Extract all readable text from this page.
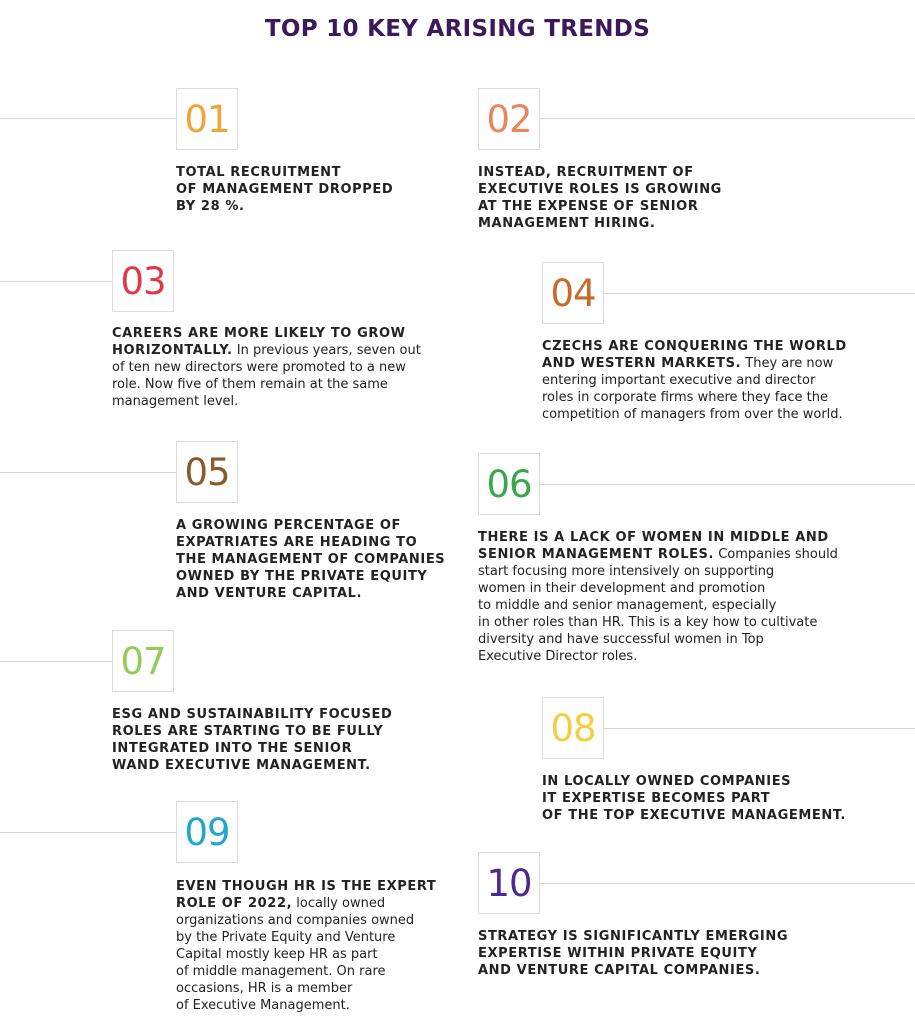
TOP 10 KEY ARISING TRENDS
01	02
03	04
05	06
07
08
09
10
TOTAL RECRUITMENT
OF MANAGEMENT DROPPED
BY 28 %.
INSTEAD, RECRUITMENT OF
EXECUTIVE ROLES IS GROWING
AT THE EXPENSE OF SENIOR
MANAGEMENT HIRING.
CAREERS ARE MORE LIKELY TO GROW
HORIZONTALLY. In previous years, seven out
of ten new directors were promoted to a new
role. Now five of them remain at the same
management level.
CZECHS ARE CONQUERING THE WORLD
AND WESTERN MARKETS. They are now
entering important executive and director
roles in corporate firms where they face the
competition of managers from over the world.
A GROWING PERCENTAGE OF
EXPATRIATES ARE HEADING TO
THE MANAGEMENT OF COMPANIES
OWNED BY THE PRIVATE EQUITY
AND VENTURE CAPITAL.
THERE IS A LACK OF WOMEN IN MIDDLE AND
SENIOR MANAGEMENT ROLES. Companies should
start focusing more intensively on supporting
women in their development and promotion
to middle and senior management, especially
in other roles than HR. This is a key how to cultivate
diversity and have successful women in Top
Executive Director roles.
ESG AND SUSTAINABILITY FOCUSED
ROLES ARE STARTING TO BE FULLY
INTEGRATED INTO THE SENIOR
WAND EXECUTIVE MANAGEMENT.
IN LOCALLY OWNED COMPANIES
IT EXPERTISE BECOMES PART
OF THE TOP EXECUTIVE MANAGEMENT.
EVEN THOUGH HR IS THE EXPERT
ROLE OF 2022, locally owned
organizations and companies owned
by the Private Equity and Venture
Capital mostly keep HR as part
of middle management. On rare
occasions, HR is a member
of Executive Management.
STRATEGY IS SIGNIFICANTLY EMERGING
EXPERTISE WITHIN PRIVATE EQUITY
AND VENTURE CAPITAL COMPANIES.
